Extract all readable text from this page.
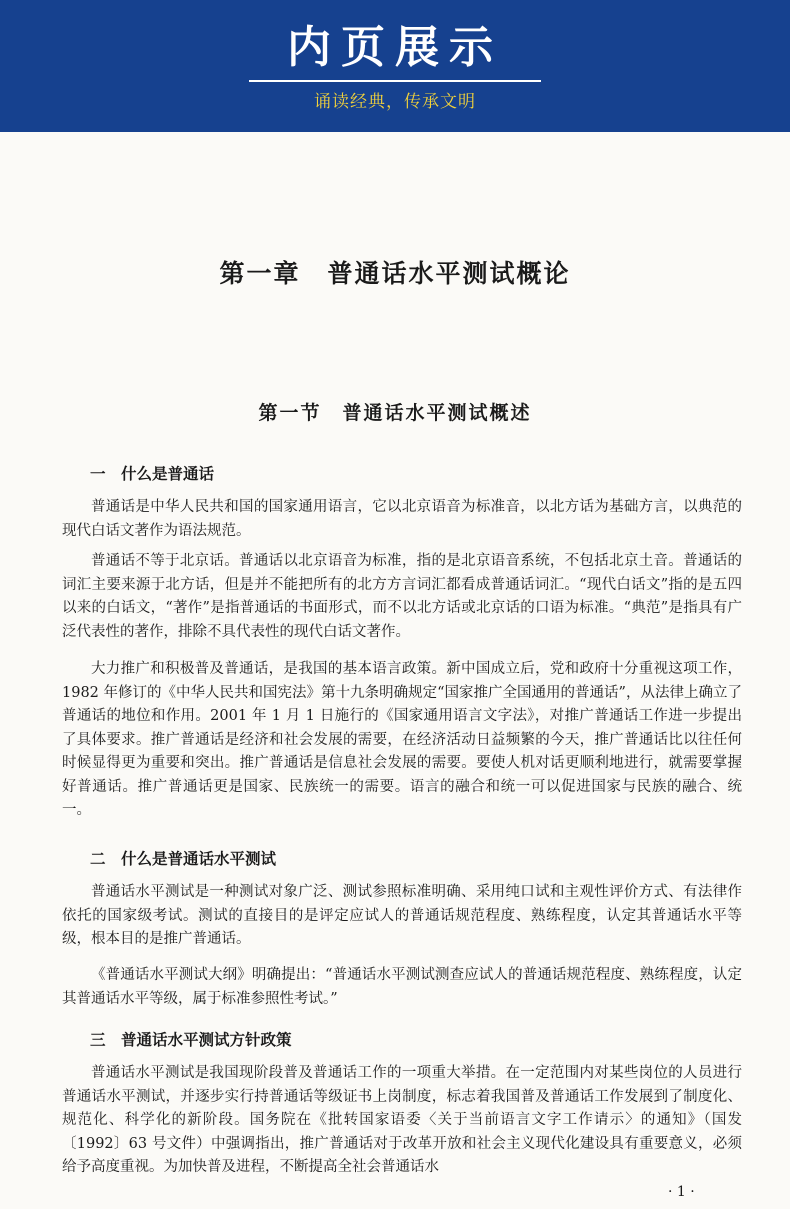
内页展示
诵读经典，传承文明
第一章　普通话水平测试概论
第一节　普通话水平测试概述
一　什么是普通话
普通话是中华人民共和国的国家通用语言，它以北京语音为标准音，以北方话为基础方言，以典范的现代白话文著作为语法规范。
普通话不等于北京话。普通话以北京语音为标准，指的是北京语音系统，不包括北京土音。普通话的词汇主要来源于北方话，但是并不能把所有的北方方言词汇都看成普通话词汇。“现代白话文”指的是五四以来的白话文，“著作”是指普通话的书面形式，而不以北方话或北京话的口语为标准。“典范”是指具有广泛代表性的著作，排除不具代表性的现代白话文著作。
大力推广和积极普及普通话，是我国的基本语言政策。新中国成立后，党和政府十分重视这项工作，1982 年修订的《中华人民共和国宪法》第十九条明确规定“国家推广全国通用的普通话”，从法律上确立了普通话的地位和作用。2001 年 1 月 1 日施行的《国家通用语言文字法》，对推广普通话工作进一步提出了具体要求。推广普通话是经济和社会发展的需要，在经济活动日益频繁的今天，推广普通话比以往任何时候显得更为重要和突出。推广普通话是信息社会发展的需要。要使人机对话更顺利地进行，就需要掌握好普通话。推广普通话更是国家、民族统一的需要。语言的融合和统一可以促进国家与民族的融合、统一。
二　什么是普通话水平测试
普通话水平测试是一种测试对象广泛、测试参照标准明确、采用纯口试和主观性评价方式、有法律作依托的国家级考试。测试的直接目的是评定应试人的普通话规范程度、熟练程度，认定其普通话水平等级，根本目的是推广普通话。
《普通话水平测试大纲》明确提出：“普通话水平测试测查应试人的普通话规范程度、熟练程度，认定其普通话水平等级，属于标准参照性考试。”
三　普通话水平测试方针政策
普通话水平测试是我国现阶段普及普通话工作的一项重大举措。在一定范围内对某些岗位的人员进行普通话水平测试，并逐步实行持普通话等级证书上岗制度，标志着我国普及普通话工作发展到了制度化、规范化、科学化的新阶段。国务院在《批转国家语委〈关于当前语言文字工作请示〉的通知》（国发〔1992〕63 号文件）中强调指出，推广普通话对于改革开放和社会主义现代化建设具有重要意义，必须给予高度重视。为加快普及进程，不断提高全社会普通话水
· 1 ·
